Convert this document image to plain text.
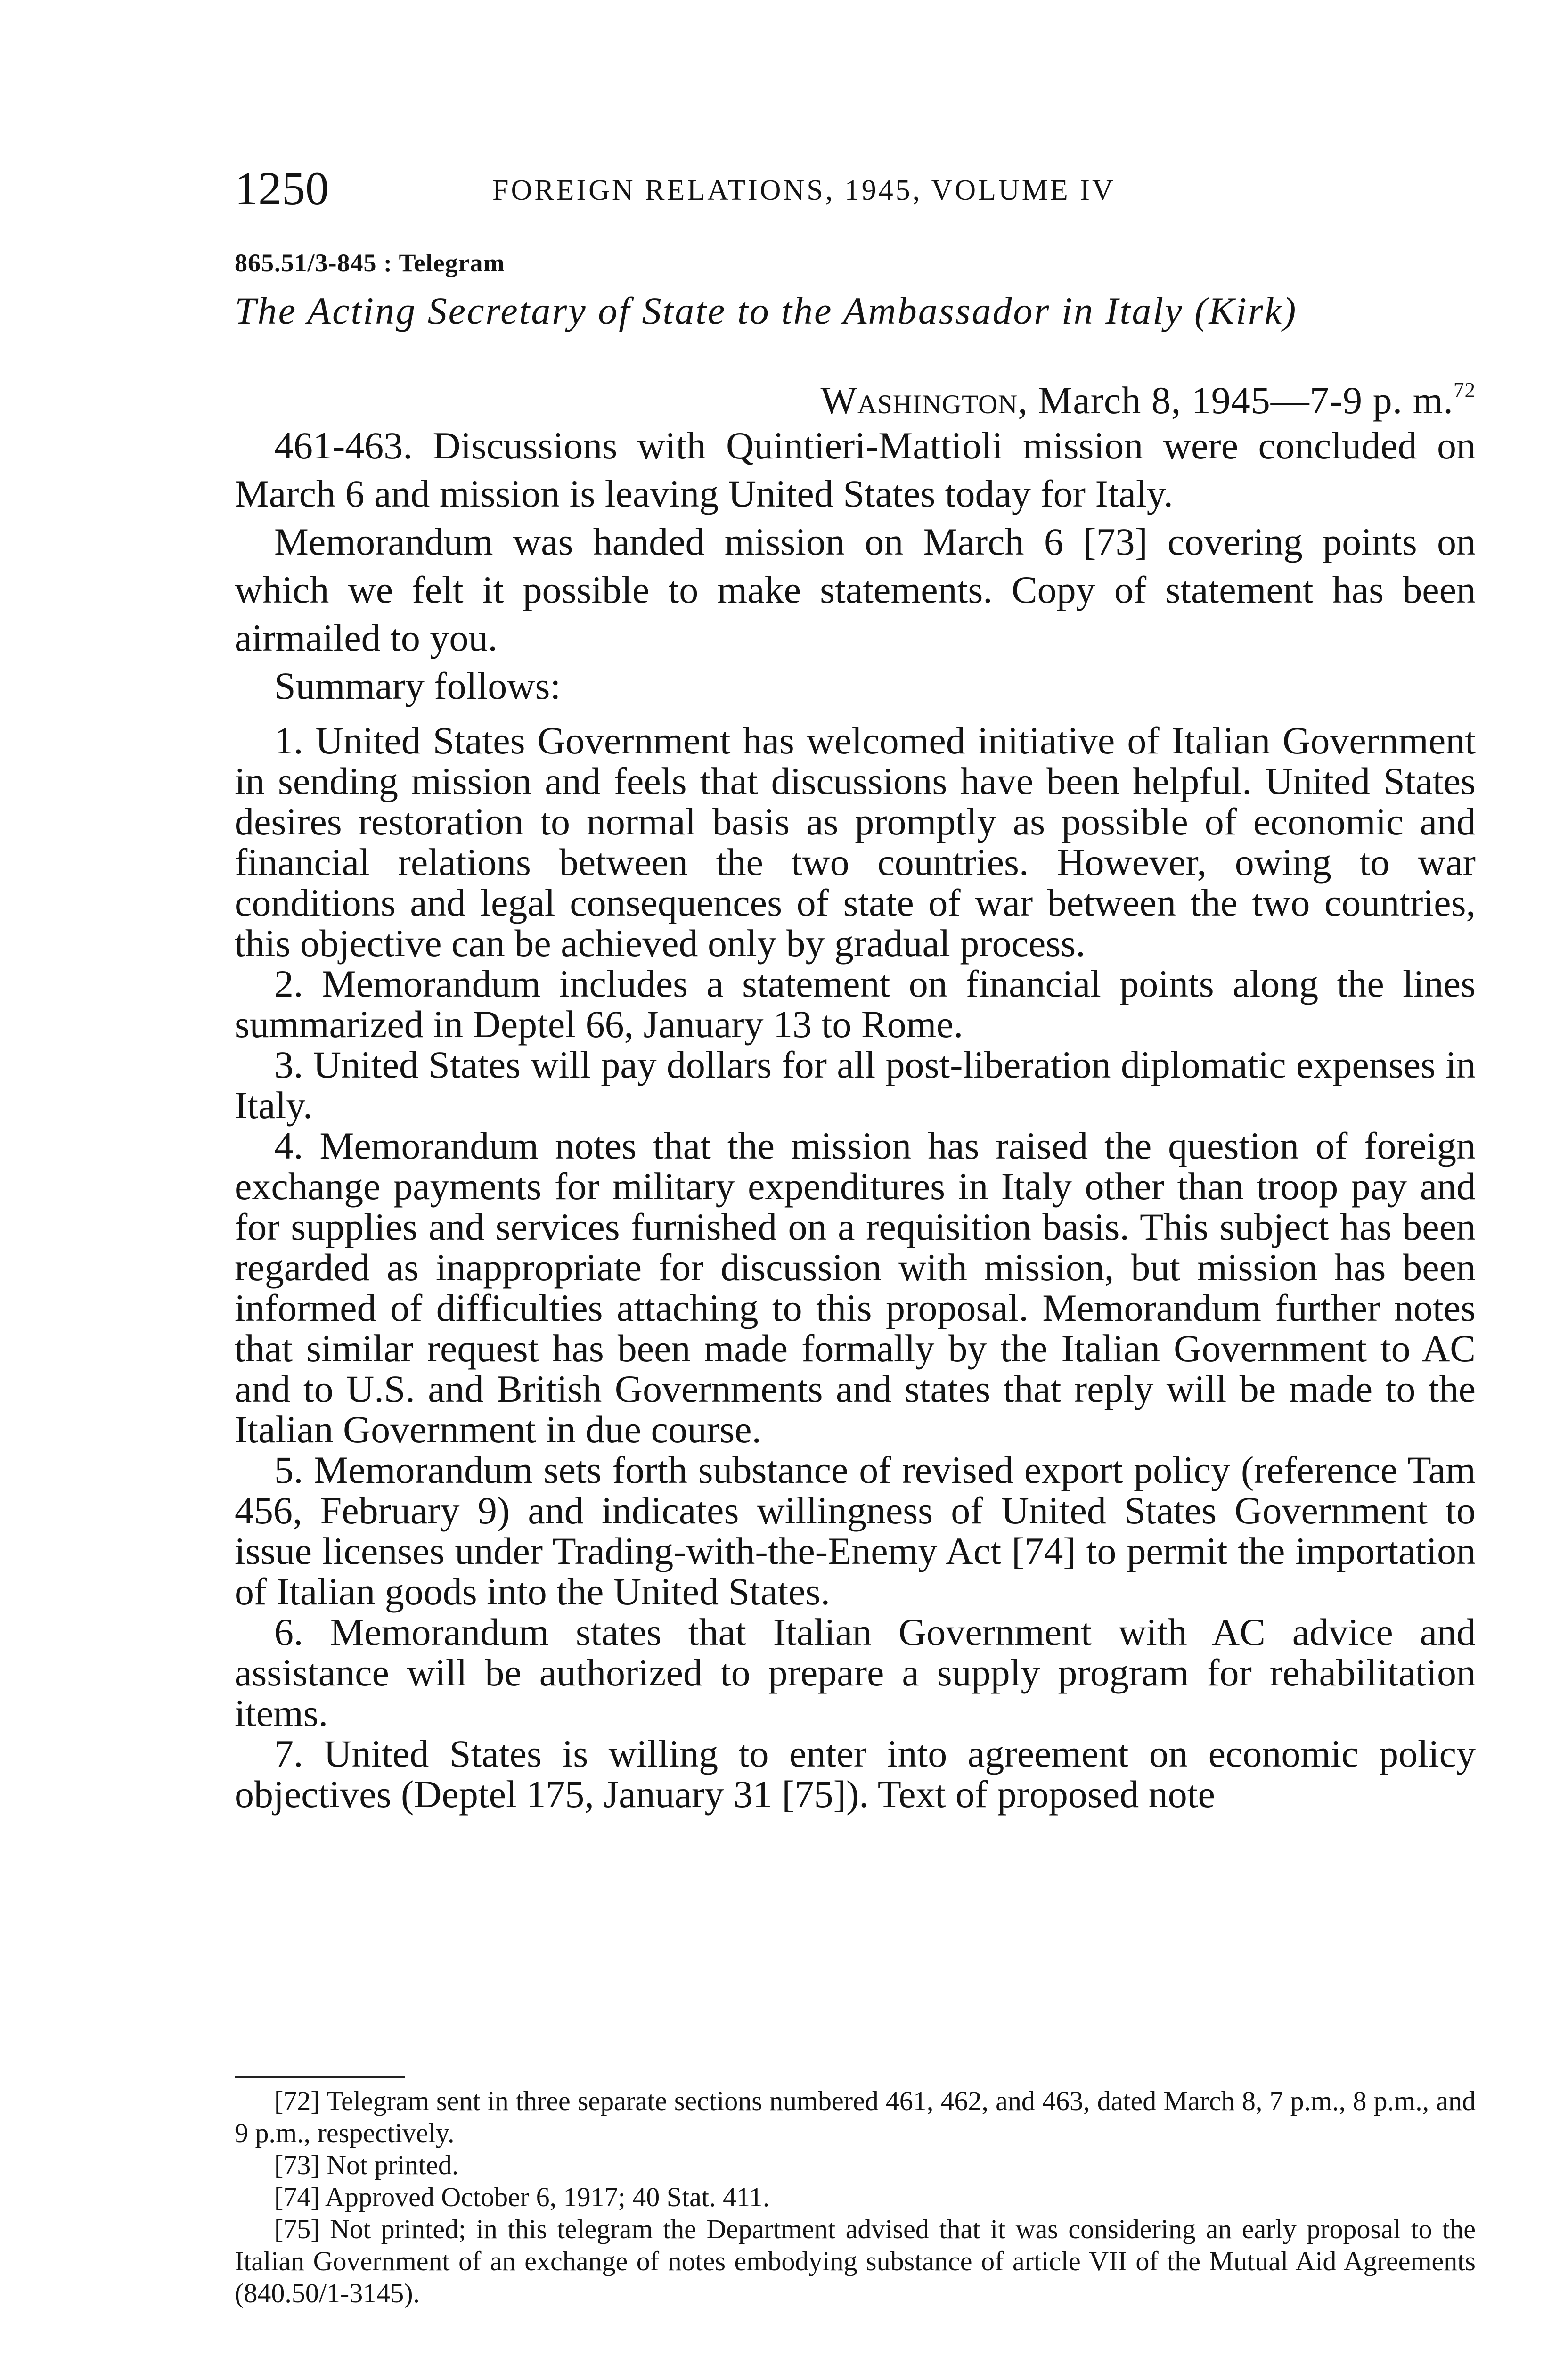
1250	FOREIGN RELATIONS, 1945, VOLUME IV
865.51/3-845 : Telegram
The Acting Secretary of State to the Ambassador in Italy (Kirk)
Washington, March 8, 1945—7-9 p. m.$^{72}$

461-463. Discussions with Quintieri-Mattioli mission were concluded on March 6 and mission is leaving United States today for Italy.

Memorandum was handed mission on March 6 [73] covering points on which we felt it possible to make statements. Copy of statement has been airmailed to you.

Summary follows:

1. United States Government has welcomed initiative of Italian Government in sending mission and feels that discussions have been helpful. United States desires restoration to normal basis as promptly as possible of economic and financial relations between the two countries. However, owing to war conditions and legal consequences of state of war between the two countries, this objective can be achieved only by gradual process.

2. Memorandum includes a statement on financial points along the lines summarized in Deptel 66, January 13 to Rome.

3. United States will pay dollars for all post-liberation diplomatic expenses in Italy.

4. Memorandum notes that the mission has raised the question of foreign exchange payments for military expenditures in Italy other than troop pay and for supplies and services furnished on a requisition basis. This subject has been regarded as inappropriate for discussion with mission, but mission has been informed of difficulties attaching to this proposal. Memorandum further notes that similar request has been made formally by the Italian Government to AC and to U.S. and British Governments and states that reply will be made to the Italian Government in due course.

5. Memorandum sets forth substance of revised export policy (reference Tam 456, February 9) and indicates willingness of United States Government to issue licenses under Trading-with-the-Enemy Act [74] to permit the importation of Italian goods into the United States.

6. Memorandum states that Italian Government with AC advice and assistance will be authorized to prepare a supply program for rehabilitation items.

7. United States is willing to enter into agreement on economic policy objectives (Deptel 175, January 31 [75]). Text of proposed note

[72] Telegram sent in three separate sections numbered 461, 462, and 463, dated March 8, 7 p.m., 8 p.m., and 9 p.m., respectively.

[73] Not printed.

[74] Approved October 6, 1917; 40 Stat. 411.

[75] Not printed; in this telegram the Department advised that it was considering an early proposal to the Italian Government of an exchange of notes embodying substance of article VII of the Mutual Aid Agreements (840.50/1-3145).
